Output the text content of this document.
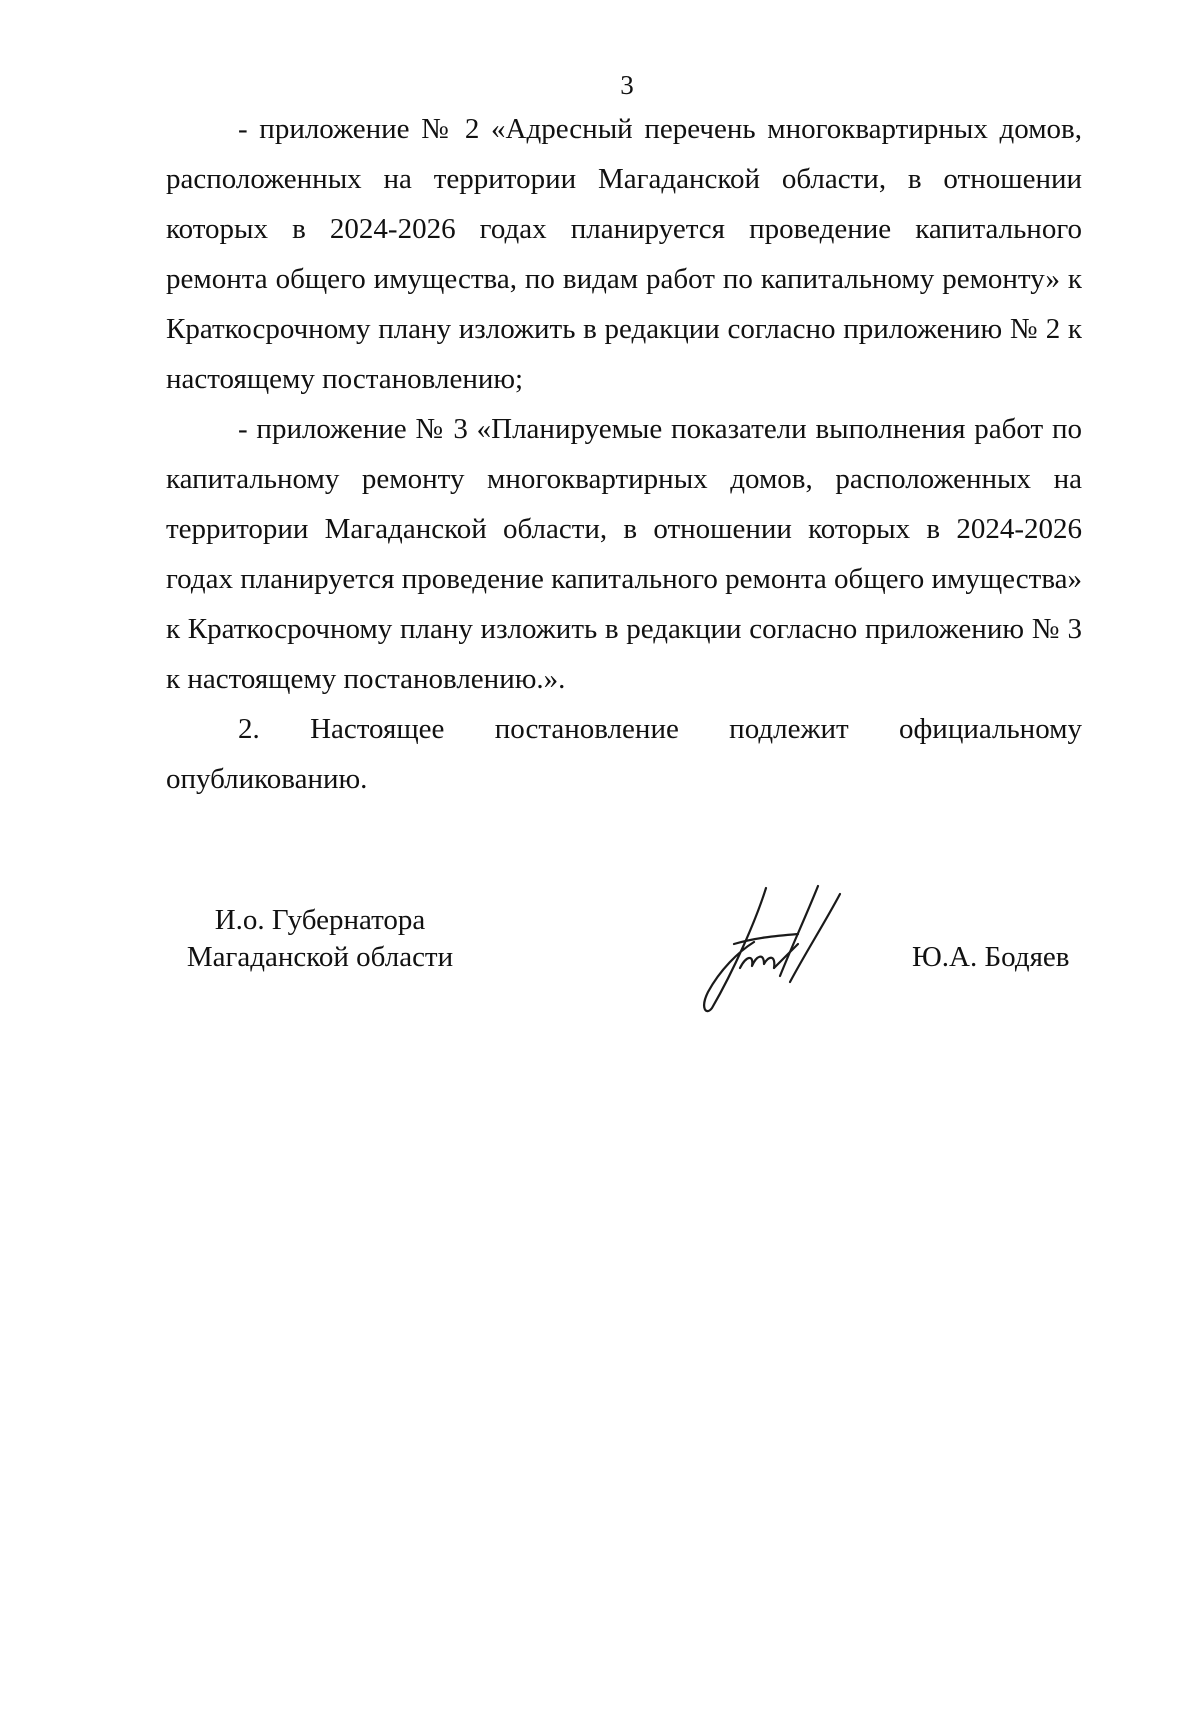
3

- приложение № 2 «Адресный перечень многоквартирных домов, расположенных на территории Магаданской области, в отношении которых в 2024-2026 годах планируется проведение капитального ремонта общего имущества, по видам работ по капитальному ремонту» к Краткосрочному плану изложить в редакции согласно приложению № 2 к настоящему постановлению;

- приложение № 3 «Планируемые показатели выполнения работ по капитальному ремонту многоквартирных домов, расположенных на территории Магаданской области, в отношении которых в 2024-2026 годах планируется проведение капитального ремонта общего имущества» к Краткосрочному плану изложить в редакции согласно приложению № 3 к настоящему постановлению.».

2. Настоящее постановление подлежит официальному опубликованию.

И.о. Губернатора
Магаданской области	Ю.А. Бодяев
